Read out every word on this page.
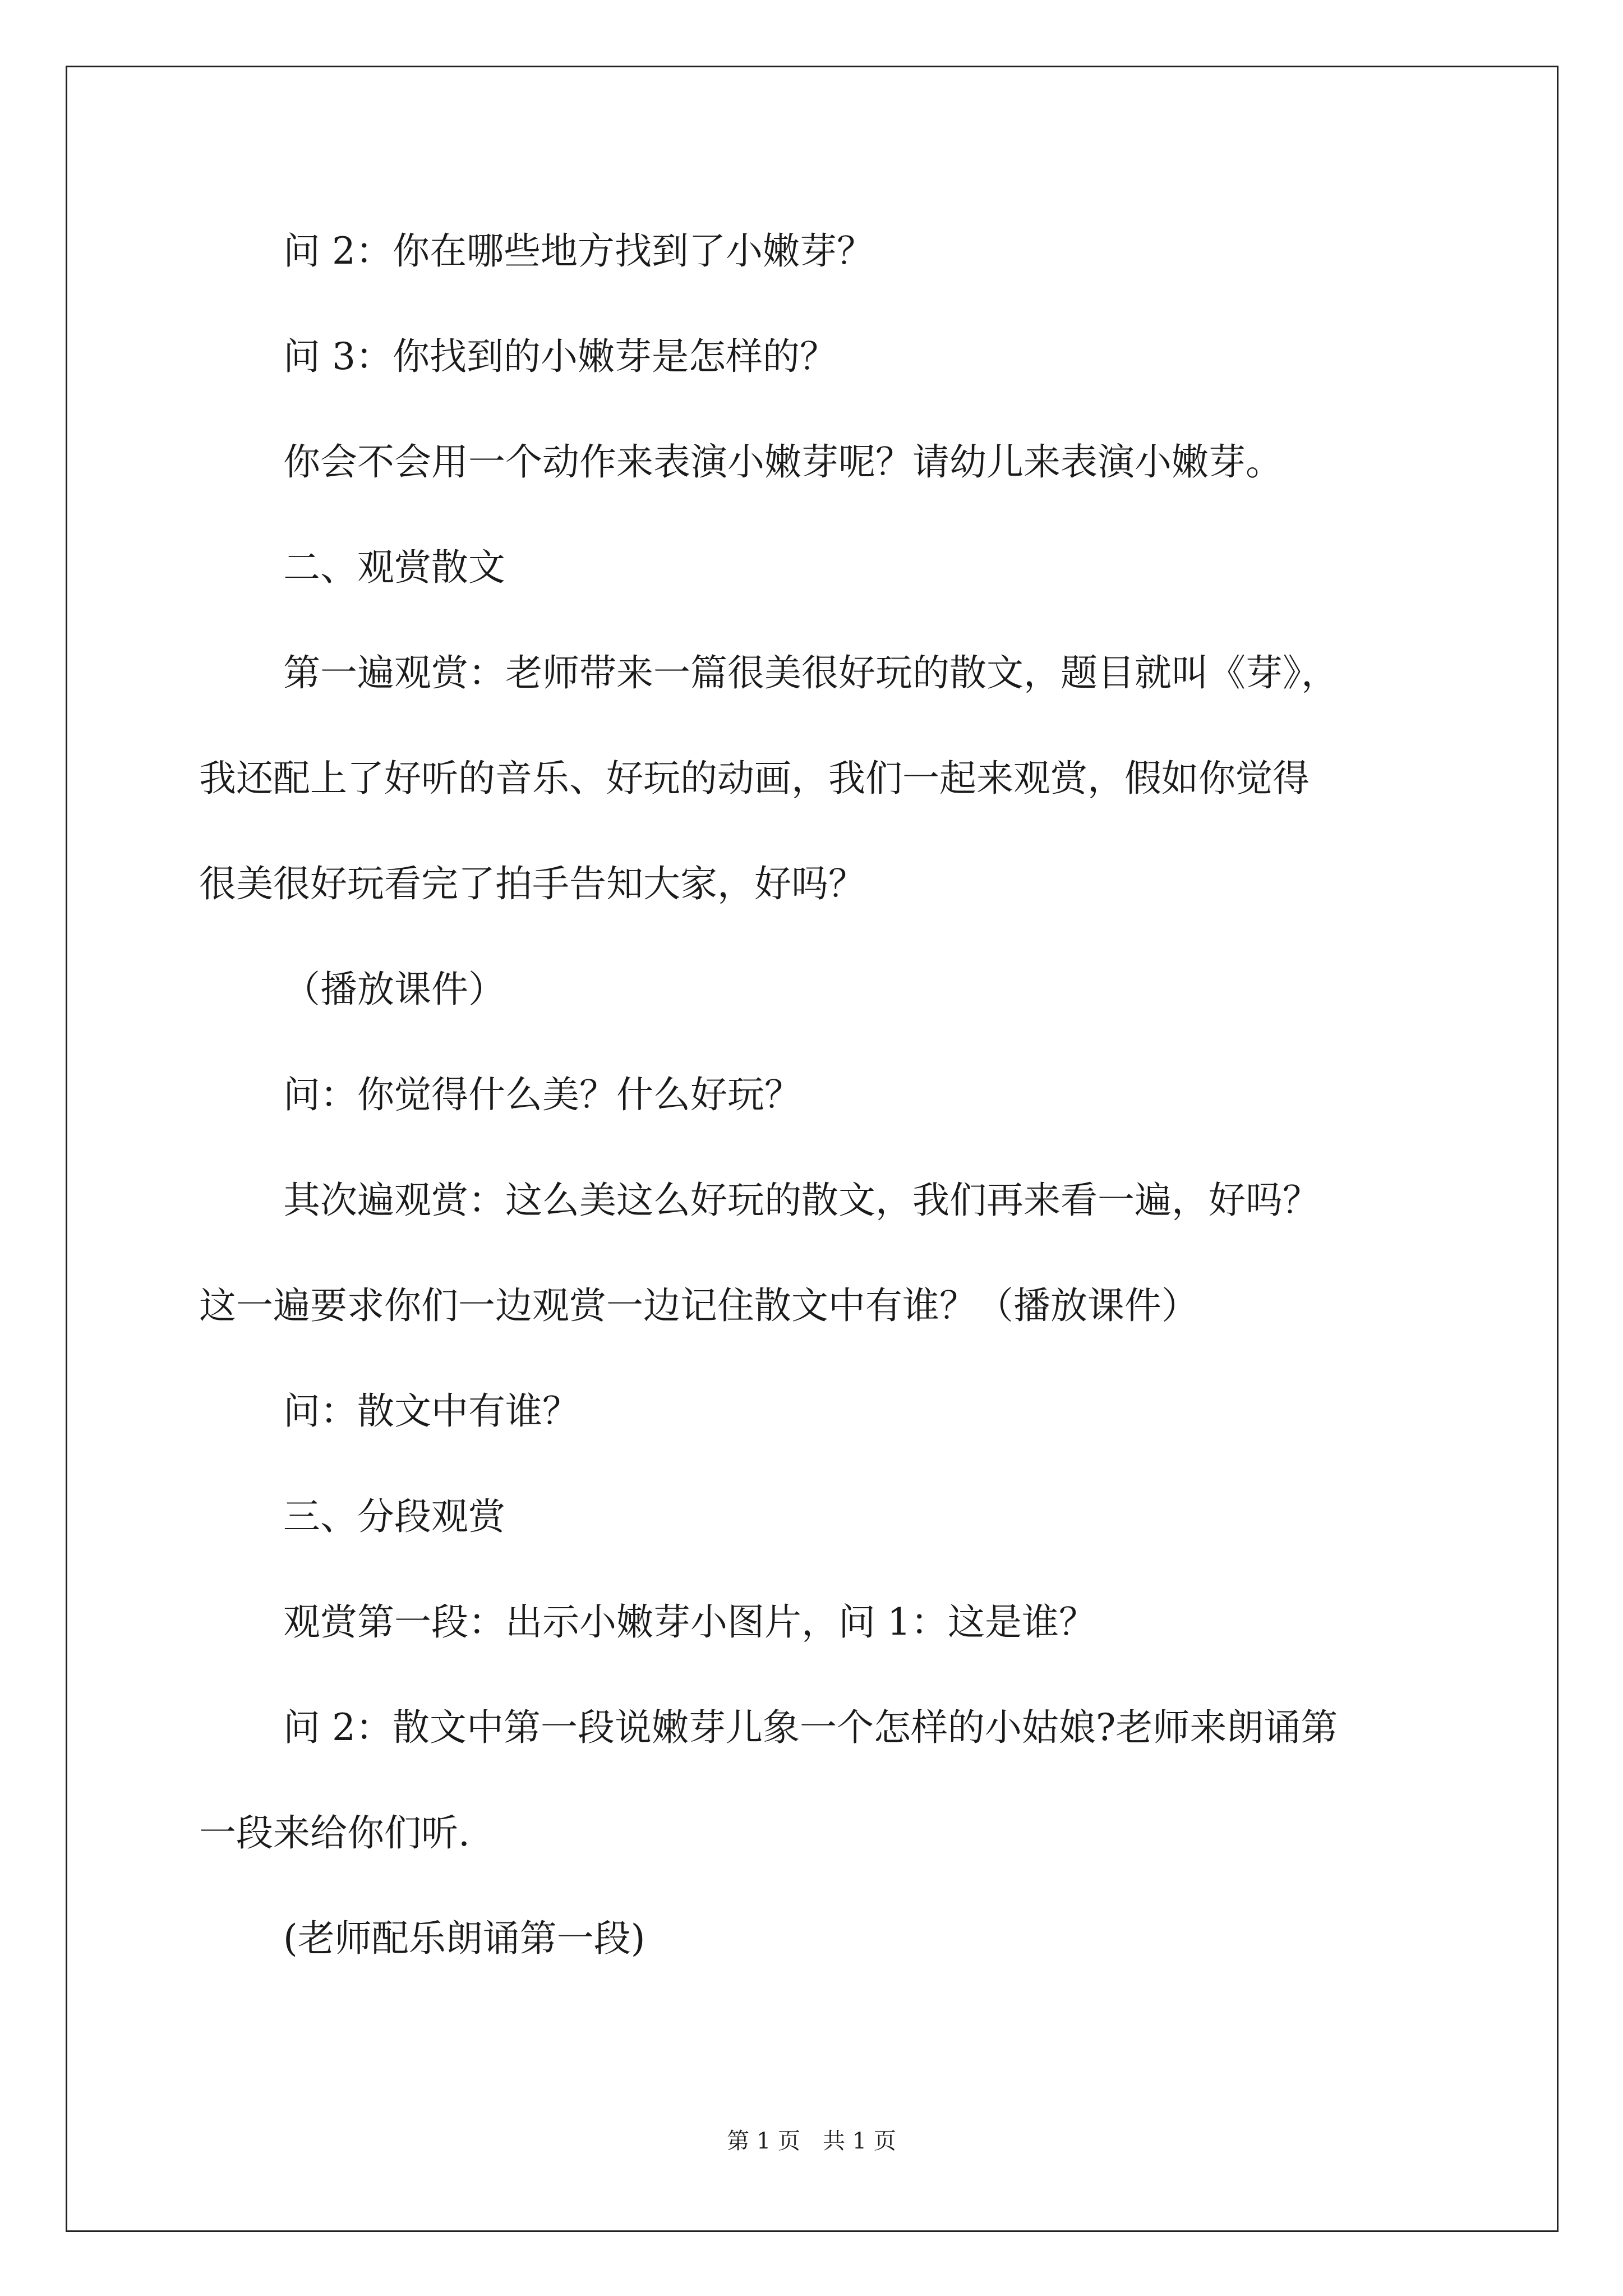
问 2：你在哪些地方找到了小嫩芽？
问 3：你找到的小嫩芽是怎样的？
你会不会用一个动作来表演小嫩芽呢？请幼儿来表演小嫩芽。
二、观赏散文
第一遍观赏：老师带来一篇很美很好玩的散文，题目就叫《芽》，
我还配上了好听的音乐、好玩的动画，我们一起来观赏，假如你觉得
很美很好玩看完了拍手告知大家，好吗？
（播放课件）
问：你觉得什么美？什么好玩？
其次遍观赏：这么美这么好玩的散文，我们再来看一遍，好吗？
这一遍要求你们一边观赏一边记住散文中有谁？（播放课件）
问：散文中有谁？
三、分段观赏
观赏第一段：出示小嫩芽小图片，问 1：这是谁？
问 2：散文中第一段说嫩芽儿象一个怎样的小姑娘?老师来朗诵第
一段来给你们听.
(老师配乐朗诵第一段)
第 1 页　共 1 页
